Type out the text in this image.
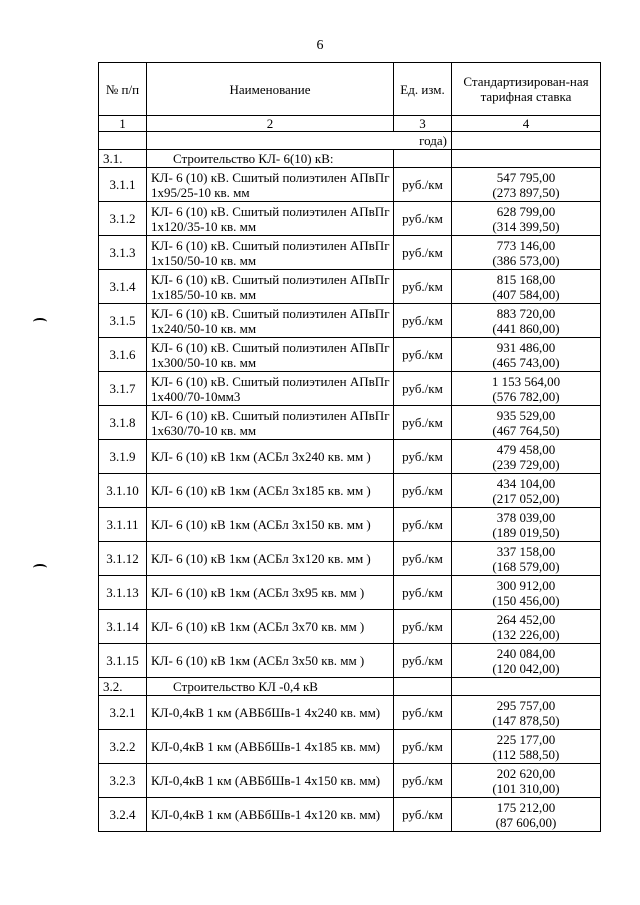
6
№ п/п	Наименование	Ед. изм.	Стандартизирован-ная тарифная ставка
1	2	3	4
	года)		
3.1.	Строительство КЛ- 6(10) кВ:		
3.1.1	КЛ- 6 (10) кВ. Сшитый полиэтилен АПвПг 1х95/25-10 кв. мм	руб./км	547 795,00
(273 897,50)

3.1.2	КЛ- 6 (10) кВ. Сшитый полиэтилен АПвПг 1х120/35-10 кв. мм	руб./км	628 799,00
(314 399,50)

3.1.3	КЛ- 6 (10) кВ. Сшитый полиэтилен АПвПг 1х150/50-10 кв. мм	руб./км	773 146,00
(386 573,00)

3.1.4	КЛ- 6 (10) кВ. Сшитый полиэтилен АПвПг 1х185/50-10 кв. мм	руб./км	815 168,00
(407 584,00)

3.1.5	КЛ- 6 (10) кВ. Сшитый полиэтилен АПвПг 1х240/50-10 кв. мм	руб./км	883 720,00
(441 860,00)

3.1.6	КЛ- 6 (10) кВ. Сшитый полиэтилен АПвПг 1х300/50-10 кв. мм	руб./км	931 486,00
(465 743,00)

3.1.7	КЛ- 6 (10) кВ. Сшитый полиэтилен АПвПг 1х400/70-10мм3	руб./км	1 153 564,00
(576 782,00)

3.1.8	КЛ- 6 (10) кВ. Сшитый полиэтилен АПвПг 1х630/70-10 кв. мм	руб./км	935 529,00
(467 764,50)

3.1.9	КЛ- 6 (10) кВ 1км (АСБл 3х240 кв. мм )	руб./км	479 458,00
(239 729,00)

3.1.10	КЛ- 6 (10) кВ 1км (АСБл 3х185 кв. мм )	руб./км	434 104,00
(217 052,00)

3.1.11	КЛ- 6 (10) кВ 1км (АСБл 3х150 кв. мм )	руб./км	378 039,00
(189 019,50)

3.1.12	КЛ- 6 (10) кВ 1км (АСБл 3х120 кв. мм )	руб./км	337 158,00
(168 579,00)

3.1.13	КЛ- 6 (10) кВ 1км (АСБл 3х95 кв. мм )	руб./км	300 912,00
(150 456,00)

3.1.14	КЛ- 6 (10) кВ 1км (АСБл 3х70 кв. мм )	руб./км	264 452,00
(132 226,00)

3.1.15	КЛ- 6 (10) кВ 1км (АСБл 3х50 кв. мм )	руб./км	240 084,00
(120 042,00)

3.2.	Строительство КЛ -0,4 кВ		
3.2.1	КЛ-0,4кВ 1 км (АВБбШв-1 4х240 кв. мм)	руб./км	295 757,00
(147 878,50)

3.2.2	КЛ-0,4кВ 1 км (АВБбШв-1 4х185 кв. мм)	руб./км	225 177,00
(112 588,50)

3.2.3	КЛ-0,4кВ 1 км (АВБбШв-1 4х150 кв. мм)	руб./км	202 620,00
(101 310,00)

3.2.4	КЛ-0,4кВ 1 км (АВБбШв-1 4х120 кв. мм)	руб./км	175 212,00
(87 606,00)
